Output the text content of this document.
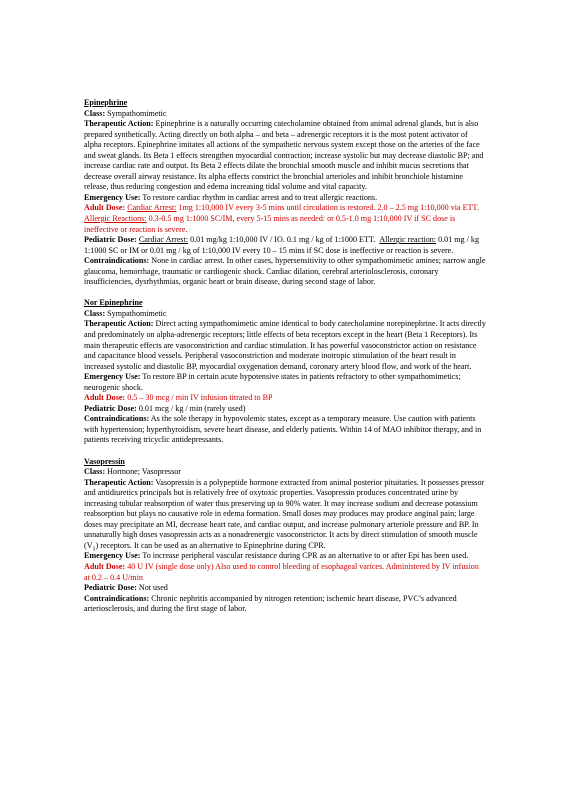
Epinephrine
Class: Sympathomimetic
Therapeutic Action: Epinephrine is a naturally occurring catecholamine obtained from animal adrenal glands, but is also prepared synthetically. Acting directly on both alpha – and beta – adrenergic receptors it is the most potent activator of alpha receptors. Epinephrine imitates all actions of the sympathetic nervous system except those on the arteries of the face and sweat glands. Its Beta 1 effects strengthen myocardial contraction; increase systolic but may decrease diastolic BP; and increase cardiac rate and output. Its Beta 2 effects dilate the bronchial smooth muscle and inhibit mucus secretions that decrease overall airway resistance. Its alpha effects constrict the bronchial arterioles and inhibit bronchiole histamine release, thus reducing congestion and edema increasing tidal volume and vital capacity.
Emergency Use: To restore cardiac rhythm in cardiac arrest and to treat allergic reactions.
Adult Dose: Cardiac Arrest: 1mg 1:10,000 IV every 3-5 mins until circulation is restored. 2.0 – 2.5 mg 1:10,000 via ETT.   Allergic Reactions: 0.3-0.5 mg 1:1000 SC/IM, every 5-15 mins as needed: or 0.5-1.0 mg 1:10,000 IV if SC dose is ineffective or reaction is severe.
Pediatric Dose: Cardiac Arrest: 0.01 mg/kg 1:10,000 IV / IO. 0.1 mg / kg of 1:1000 ETT. Allergic reaction: 0.01 mg / kg 1:1000 SC or IM or 0.01 mg / kg of 1:10,000 IV every 10 – 15 mins if SC dose is ineffective or reaction is severe.
Contraindications: None in cardiac arrest. In other cases, hypersensitivity to other sympathomimetic amines; narrow angle glaucoma, hemorrhage, traumatic or cardiogenic shock. Cardiac dilation, cerebral arteriolosclerosis, coronary insufficiencies, dysrhythmias, organic heart or brain disease, during second stage of labor.
Nor Epinephrine
Class: Sympathomimetic
Therapeutic Action: Direct acting sympathomimetic amine identical to body catecholamine norepinephrine. It acts directly and predominately on alpha-adrenergic receptors; little effects of beta receptors except in the heart (Beta 1 Receptors). Its main therapeutic effects are vasoconstriction and cardiac stimulation. It has powerful vasoconstrictor action on resistance and capacitance blood vessels. Peripheral vasoconstriction and moderate inotropic stimulation of the heart result in increased systolic and diastolic BP, myocardial oxygenation demand, coronary artery blood flow, and work of the heart.
Emergency Use: To restore BP in certain acute hypotensive states in patients refractory to other sympathomimetics; neurogenic shock.
Adult Dose: 0.5 – 30 mcg / min IV infusion titrated to BP
Pediatric Dose: 0.01 mcg / kg / min (rarely used)
Contraindications: As the sole therapy in hypovolemic states, except as a temporary measure. Use caution with patients with hypertension; hyperthyroidism, severe heart disease, and elderly patients. Within 14 of MAO inhibitor therapy, and in patients receiving tricyclic antidepressants.
Vasopressin
Class: Hormone; Vasopressor
Therapeutic Action: Vasopressin is a polypeptide hormone extracted from animal posterior pituitaries. It possesses pressor and antidiuretics principals but is relatively free of oxytoxic properties. Vasopressin produces concentrated urine by increasing tubular reabsorption of water thus preserving up to 90% water. It may increase sodium and decrease potassium reabsorption but plays no causative role in edema formation. Small doses may produces may produce anginal pain; large doses may precipitate an MI, decrease heart rate, and cardiac output, and increase pulmonary arteriole pressure and BP. In unnaturally high doses vasopressin acts as a nonadrenergic vasoconstrictor. It acts by direct stimulation of smooth muscle $(V_1)$ receptors. It can be used as an alternative to Epinephrine during CPR.
Emergency Use: To increase peripheral vascular resistance during CPR as an alternative to or after Epi has been used.
Adult Dose: 40 U IV (single dose only) Also used to control bleeding of esophageal varices. Administered by IV infusion at 0.2 – 0.4 U/min
Pediatric Dose: Not used
Contraindications: Chronic nephritis accompanied by nitrogen retention; ischemic heart disease, PVC’s advanced arteriosclerosis, and during the first stage of labor.
